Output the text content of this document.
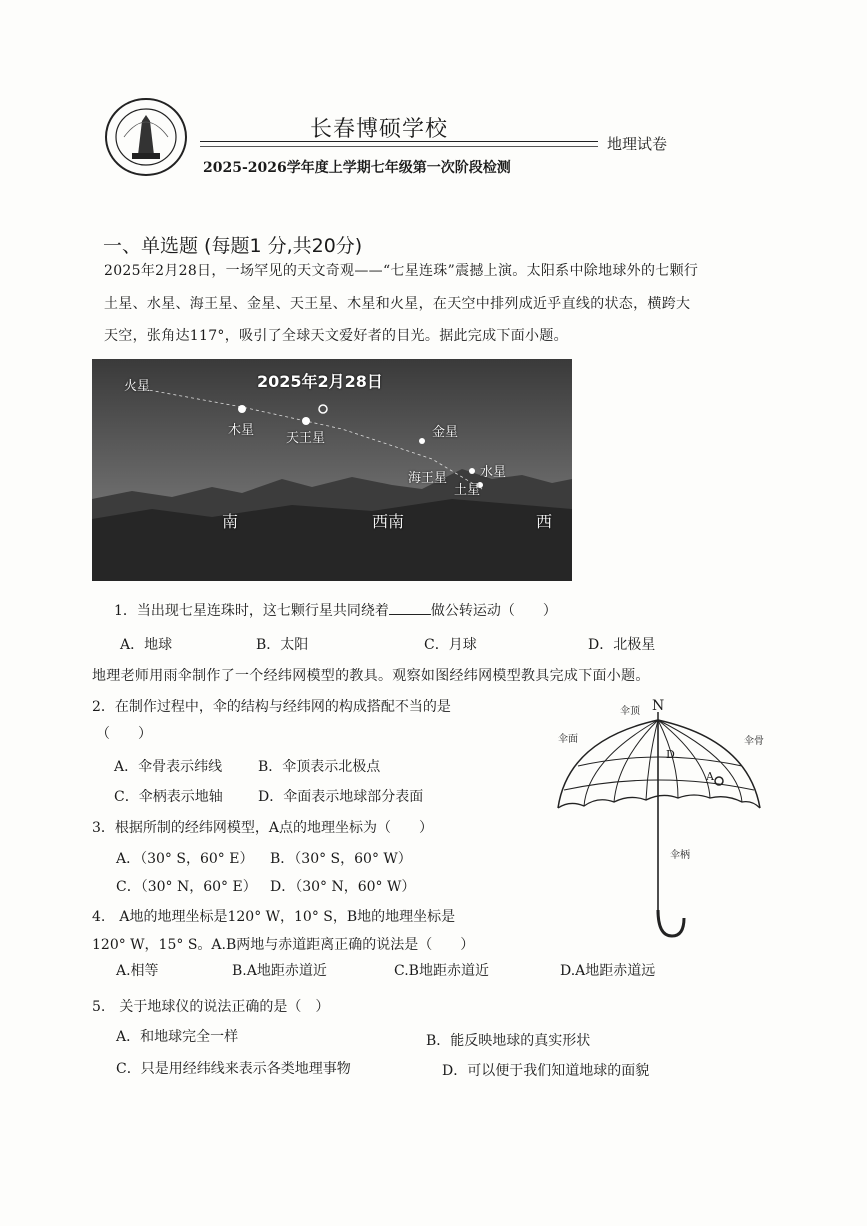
长春博硕学校
地理试卷
2025-2026学年度上学期七年级第一次阶段检测
一、单选题 (每题1 分,共20分)
2025年2月28日，一场罕见的天文奇观——“七星连珠”震撼上演。太阳系中除地球外的七颗行
土星、水星、海王星、金星、天王星、木星和火星，在天空中排列成近乎直线的状态，横跨大
天空，张角达117°，吸引了全球天文爱好者的目光。据此完成下面小题。
2025年2月28日
火星
木星
天王星	金星
海王星	水星
土星
南	西南	西
1．当出现七星连珠时，这七颗行星共同绕着	做公转运动（　　）
A．地球	B．太阳	C．月球	D．北极星
地理老师用雨伞制作了一个经纬网模型的教具。观察如图经纬网模型教具完成下面小题。
2．在制作过程中，伞的结构与经纬网的构成搭配不当的是
（　　）
A．伞骨表示纬线	B．伞顶表示北极点
C．伞柄表示地轴	D．伞面表示地球部分表面
3．根据所制的经纬网模型，A点的地理坐标为（　　）
A．（30° S，60° E） B．（30° S，60° W）
C．（30° N，60° E） D．（30° N，60° W）
4.　A地的地理坐标是120° W，10° S，B地的地理坐标是
120° W，15° S。A.B两地与赤道距离正确的说法是（　　）
A.相等	B.A地距赤道近	C.B地距赤道近	D.A地距赤道远
5.　关于地球仪的说法正确的是（　）
A．和地球完全一样	B．能反映地球的真实形状
C．只是用经纬线来表示各类地理事物	D．可以便于我们知道地球的面貌
N
伞顶
伞面	伞骨
D
A
伞柄
